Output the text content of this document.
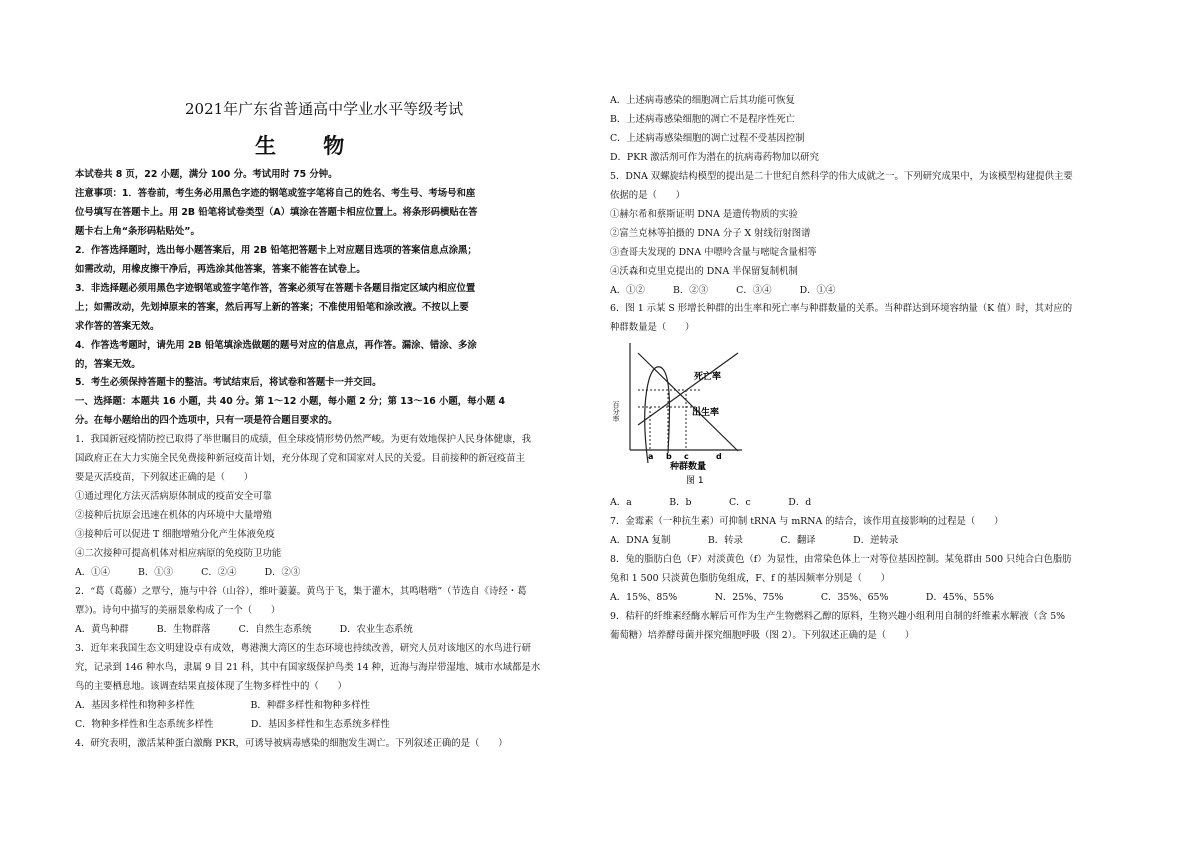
2021年广东省普通高中学业水平等级考试
生 物
本试卷共 8 页，22 小题，满分 100 分。考试用时 75 分钟。
注意事项：1．答卷前，考生务必用黑色字迹的钢笔或签字笔将自己的姓名、考生号、考场号和座
位号填写在答题卡上。用 2B 铅笔将试卷类型（A）填涂在答题卡相应位置上。将条形码横贴在答
题卡右上角“条形码粘贴处”。
2．作答选择题时，选出每小题答案后，用 2B 铅笔把答题卡上对应题目选项的答案信息点涂黑；
如需改动，用橡皮擦干净后，再选涂其他答案，答案不能答在试卷上。
3．非选择题必须用黑色字迹钢笔或签字笔作答，答案必须写在答题卡各题目指定区域内相应位置
上；如需改动，先划掉原来的答案，然后再写上新的答案；不准使用铅笔和涂改液。不按以上要
求作答的答案无效。
4．作答选考题时，请先用 2B 铅笔填涂选做题的题号对应的信息点，再作答。漏涂、错涂、多涂
的，答案无效。
5．考生必须保持答题卡的整洁。考试结束后，将试卷和答题卡一并交回。
一、选择题：本题共 16 小题，共 40 分。第 1～12 小题，每小题 2 分；第 13～16 小题，每小题 4
分。在每小题给出的四个选项中，只有一项是符合题目要求的。
1．我国新冠疫情防控已取得了举世瞩目的成绩，但全球疫情形势仍然严峻。为更有效地保护人民身体健康，我
国政府正在大力实施全民免费接种新冠疫苗计划，充分体现了党和国家对人民的关爱。目前接种的新冠疫苗主
要是灭活疫苗，下列叙述正确的是（　　）
①通过理化方法灭活病原体制成的疫苗安全可靠
②接种后抗原会迅速在机体的内环境中大量增殖
③接种后可以促进 T 细胞增殖分化产生体液免疫
④二次接种可提高机体对相应病原的免疫防卫功能
A．①④　　　B．①③　　　C．②④　　　D．②③
2．“葛（葛藤）之覃兮，施与中谷（山谷），维叶萋萋。黄鸟于飞，集于灌木，其鸣喈喈”（节选自《诗经・葛
覃》)。诗句中描写的美丽景象构成了一个（　　）
A．黄鸟种群　　　B．生物群落　　　C．自然生态系统　　　D．农业生态系统
3．近年来我国生态文明建设卓有成效，粤港澳大湾区的生态环境也持续改善，研究人员对该地区的水鸟进行研
究，记录到 146 种水鸟，隶属 9 目 21 科，其中有国家级保护鸟类 14 种，近海与海岸带湿地、城市水域都是水
鸟的主要栖息地。该调查结果直接体现了生物多样性中的（　　）
A．基因多样性和物种多样性　　　　　　B．种群多样性和物种多样性
C．物种多样性和生态系统多样性　　　　D．基因多样性和生态系统多样性
4．研究表明，激活某种蛋白激酶 PKR，可诱导被病毒感染的细胞发生凋亡。下列叙述正确的是（　　）
A．上述病毒感染的细胞凋亡后其功能可恢复
B．上述病毒感染细胞的凋亡不是程序性死亡
C．上述病毒感染细胞的凋亡过程不受基因控制
D．PKR 激活剂可作为潜在的抗病毒药物加以研究
5．DNA 双螺旋结构模型的提出是二十世纪自然科学的伟大成就之一。下列研究成果中，为该模型构建提供主要
依据的是（　　）
①赫尔希和蔡斯证明 DNA 是遗传物质的实验
②富兰克林等拍摄的 DNA 分子 X 射线衍射图谱
③查哥夫发现的 DNA 中嘌呤含量与嘧啶含量相等
④沃森和克里克提出的 DNA 半保留复制机制
A．①②　　　B．②③　　　C．③④　　　D．①④
6．图 1 示某 S 形增长种群的出生率和死亡率与种群数量的关系。当种群达到环境容纳量（K 值）时，其对应的
种群数量是（　　）
百分率
死亡率
出生率
a b c	d
种群数量
图 1
A．a　　　　B．b　　　　C．c　　　　D．d
7．金霉素（一种抗生素）可抑制 tRNA 与 mRNA 的结合，该作用直接影响的过程是（　　）
A．DNA 复制　　　　B．转录　　　　C．翻译　　　　D．逆转录
8．兔的脂肪白色（F）对淡黄色（f）为显性，由常染色体上一对等位基因控制。某兔群由 500 只纯合白色脂肪
兔和 1 500 只淡黄色脂肪兔组成，F、f 的基因频率分别是（　　）
A．15%、85%　　　　N．25%、75%　　　　C．35%、65%　　　　D．45%、55%
9．秸秆的纤维素经酶水解后可作为生产生物燃料乙醇的原料，生物兴趣小组利用自制的纤维素水解液（含 5%
葡萄糖）培养酵母菌并探究细胞呼吸（图 2）。下列叙述正确的是（　　）
